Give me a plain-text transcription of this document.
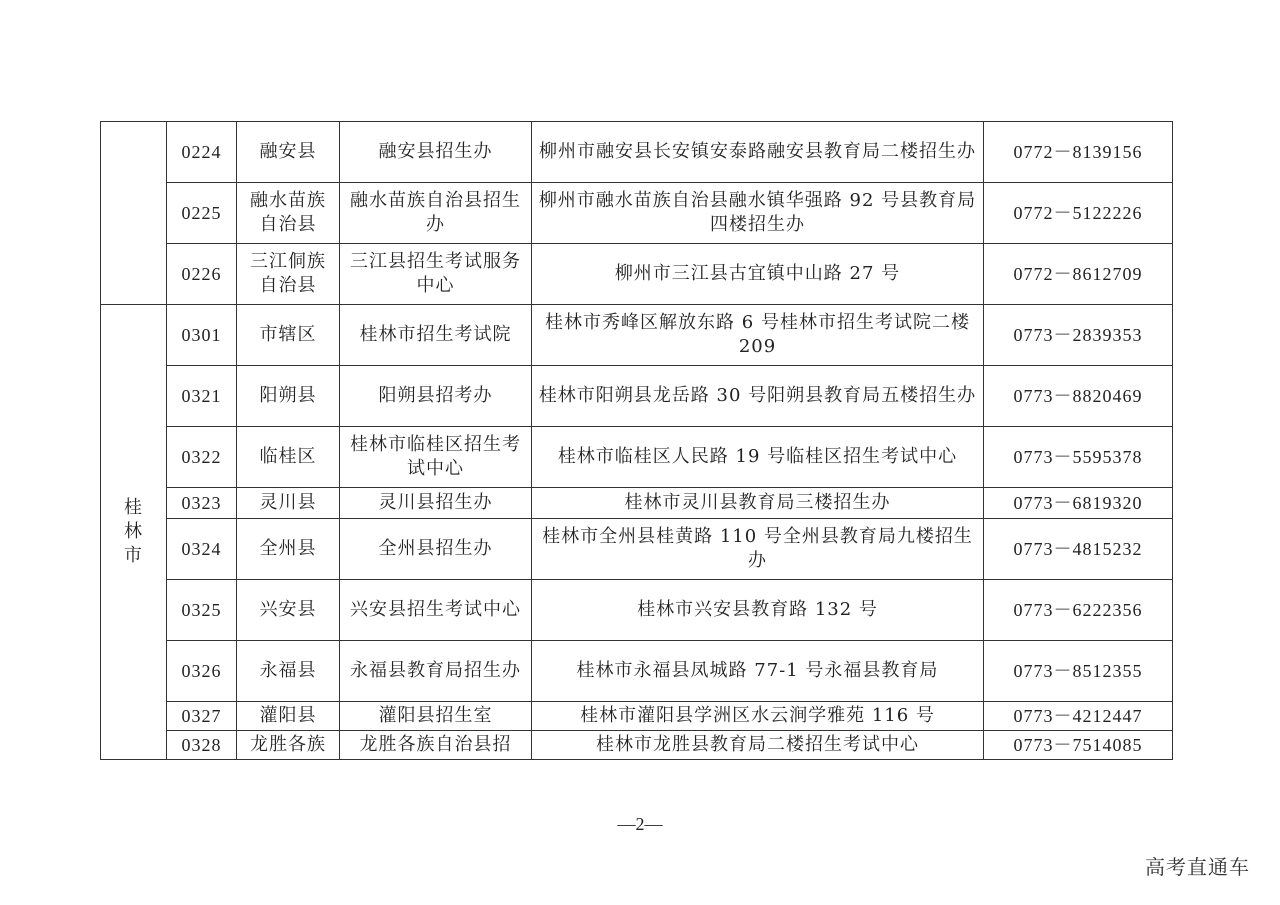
	0224	融安县	融安县招生办	柳州市融安县长安镇安泰路融安县教育局二楼招生办	0772－8139156
	0225	融水苗族自治县	融水苗族自治县招生办	柳州市融水苗族自治县融水镇华强路 92 号县教育局四楼招生办	0772－5122226
	0226	三江侗族自治县	三江县招生考试服务中心	柳州市三江县古宜镇中山路 27 号	0772－8612709
桂林市	0301	市辖区	桂林市招生考试院	桂林市秀峰区解放东路 6 号桂林市招生考试院二楼 209	0773－2839353
	0321	阳朔县	阳朔县招考办	桂林市阳朔县龙岳路 30 号阳朔县教育局五楼招生办	0773－8820469
	0322	临桂区	桂林市临桂区招生考试中心	桂林市临桂区人民路 19 号临桂区招生考试中心	0773－5595378
	0323	灵川县	灵川县招生办	桂林市灵川县教育局三楼招生办	0773－6819320
	0324	全州县	全州县招生办	桂林市全州县桂黄路 110 号全州县教育局九楼招生办	0773－4815232
	0325	兴安县	兴安县招生考试中心	桂林市兴安县教育路 132 号	0773－6222356
	0326	永福县	永福县教育局招生办	桂林市永福县凤城路 77-1 号永福县教育局	0773－8512355
	0327	灌阳县	灌阳县招生室	桂林市灌阳县学洲区水云涧学雅苑 116 号	0773－4212447
	0328	龙胜各族	龙胜各族自治县招	桂林市龙胜县教育局二楼招生考试中心	0773－7514085
—2—
高考直通车
